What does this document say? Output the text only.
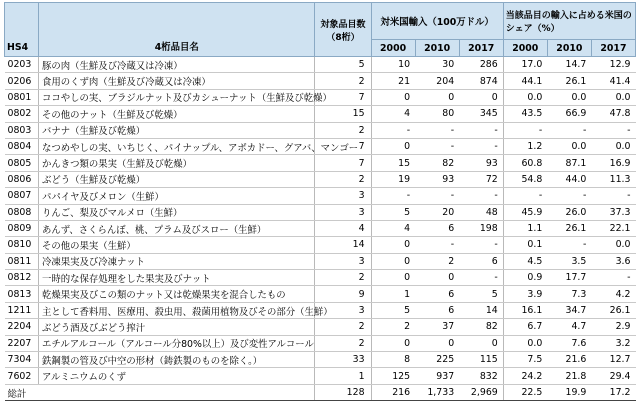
HS4	4桁品目名	対象品目数（8桁）	対米国輸入（100万ドル）			当該品目の輸入に占める米国のシェア（%）		
			2000	2010	2017	2000	2010	2017
0203	豚の肉（生鮮及び冷蔵又は冷凍）	5	10	30	286	17.0	14.7	12.9
0206	食用のくず肉（生鮮及び冷蔵又は冷凍）	2	21	204	874	44.1	26.1	41.4
0801	ココやしの実、ブラジルナット及びカシューナット（生鮮及び乾燥）	7	0	0	0	0.0	0.0	0.0
0802	その他のナット（生鮮及び乾燥）	15	4	80	345	43.5	66.9	47.8
0803	バナナ（生鮮及び乾燥）	2	-	-	-	-	-	-
0804	なつめやしの実、いちじく、パイナップル、アボカドー、グアバ、マンゴー	7	0	-	-	1.2	0.0	0.0
0805	かんきつ類の果実（生鮮及び乾燥）	7	15	82	93	60.8	87.1	16.9
0806	ぶどう（生鮮及び乾燥）	2	19	93	72	54.8	44.0	11.3
0807	パパイヤ及びメロン（生鮮）	3	-	-	-	-	-	-
0808	りんご、梨及びマルメロ（生鮮）	3	5	20	48	45.9	26.0	37.3
0809	あんず、さくらんぼ、桃、プラム及びスロー（生鮮）	4	4	6	198	1.1	26.1	22.1
0810	その他の果実（生鮮）	14	0	-	-	0.1	-	0.0
0811	冷凍果実及び冷凍ナット	3	0	2	6	4.5	3.5	3.6
0812	一時的な保存処理をした果実及びナット	2	0	0	-	0.9	17.7	-
0813	乾燥果実及びこの類のナット又は乾燥果実を混合したもの	9	1	6	5	3.9	7.3	4.2
1211	主として香料用、医療用、殺虫用、殺菌用植物及びその部分（生鮮）	3	5	6	14	16.1	34.7	26.1
2204	ぶどう酒及びぶどう搾汁	2	2	37	82	6.7	4.7	2.9
2207	エチルアルコール（アルコール分80%以上）及び変性アルコール	2	0	0	0	0.0	7.6	3.2
7304	鉄鋼製の管及び中空の形材（鋳鉄製のものを除く。）	33	8	225	115	7.5	21.6	12.7
7602	アルミニウムのくず	1	125	937	832	24.2	21.8	29.4
総計		128	216	1,733	2,969	22.5	19.9	17.2
